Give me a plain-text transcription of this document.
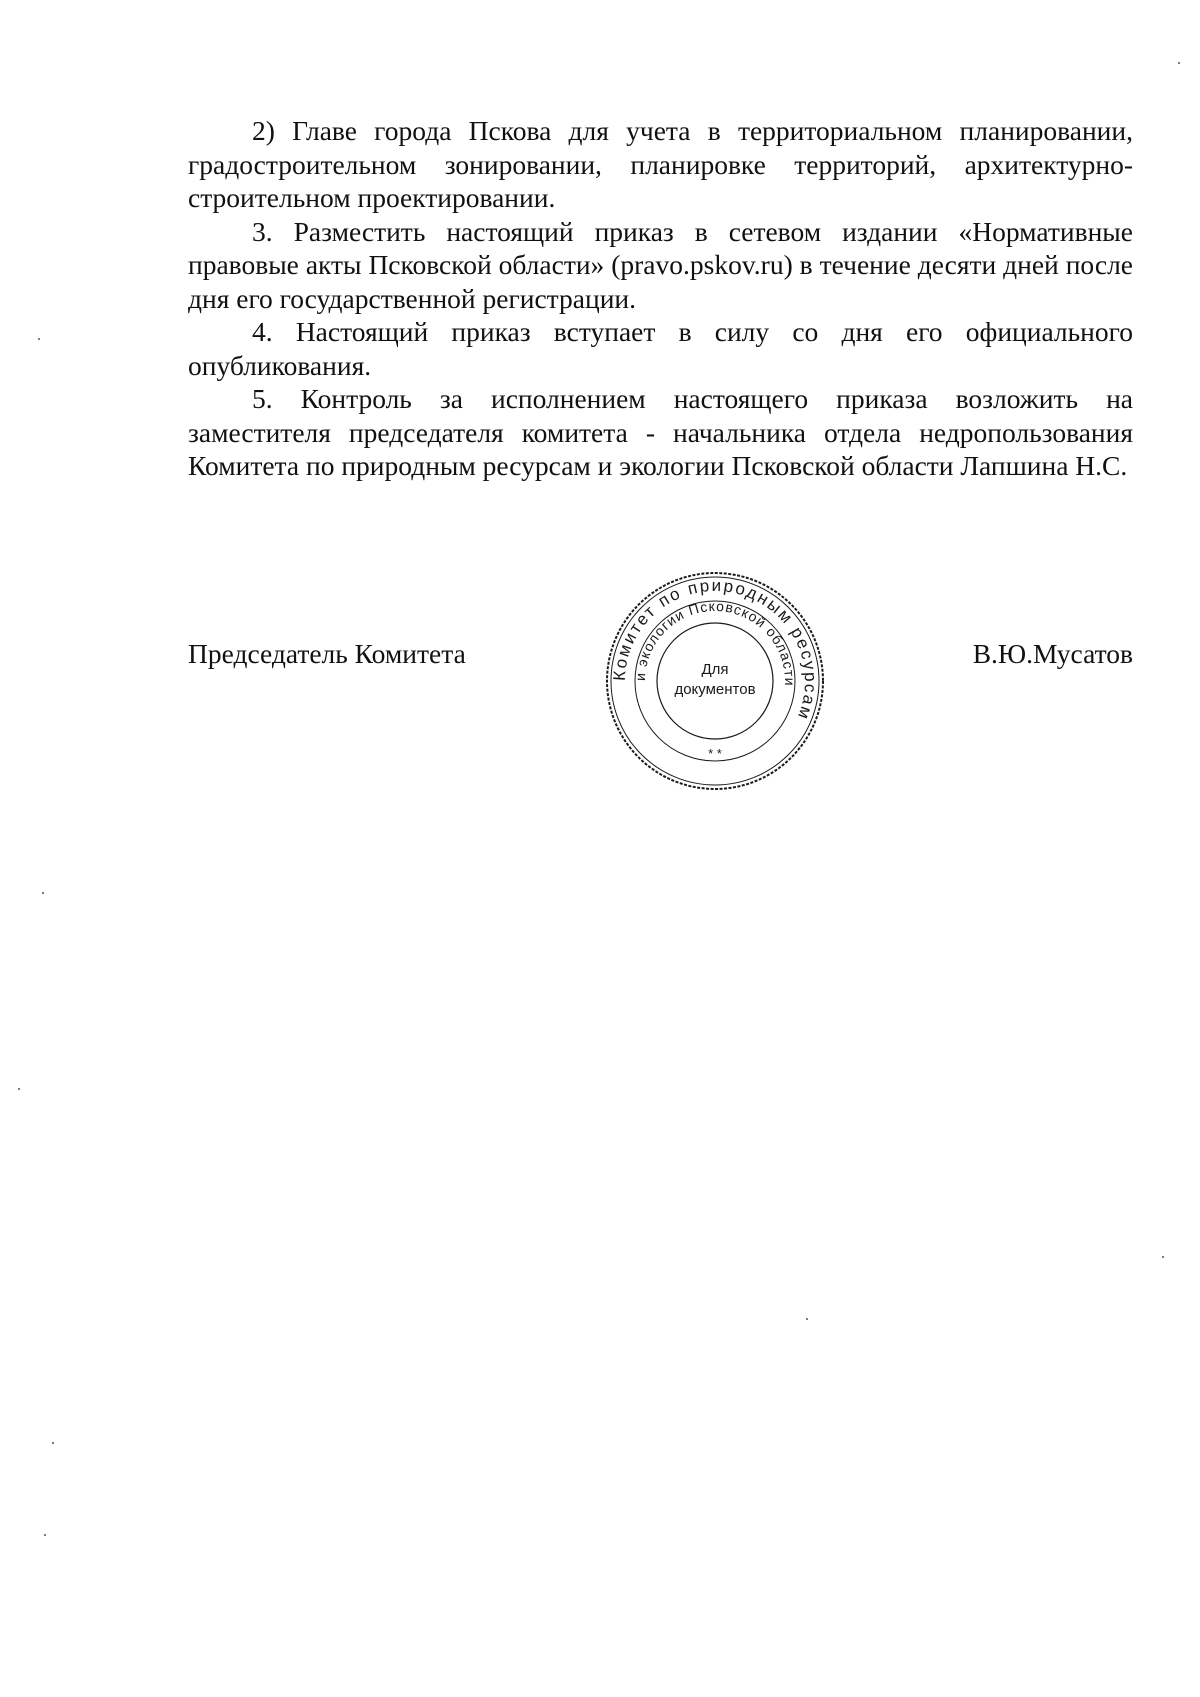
2) Главе города Пскова для учета в территориальном планировании, градостроительном зонировании, планировке территорий, архитектурно-строительном проектировании.

3. Разместить настоящий приказ в сетевом издании «Нормативные правовые акты Псковской области» (pravo.pskov.ru) в течение десяти дней после дня его государственной регистрации.

4. Настоящий приказ вступает в силу со дня его официального опубликования.

5. Контроль за исполнением настоящего приказа возложить на заместителя председателя комитета - начальника отдела недропользования Комитета по природным ресурсам и экологии Псковской области Лапшина Н.С.

Председатель Комитета	В.Ю.Мусатов
Комитет по природным ресурсам
и экологии Псковской области
Для
документов
* *
